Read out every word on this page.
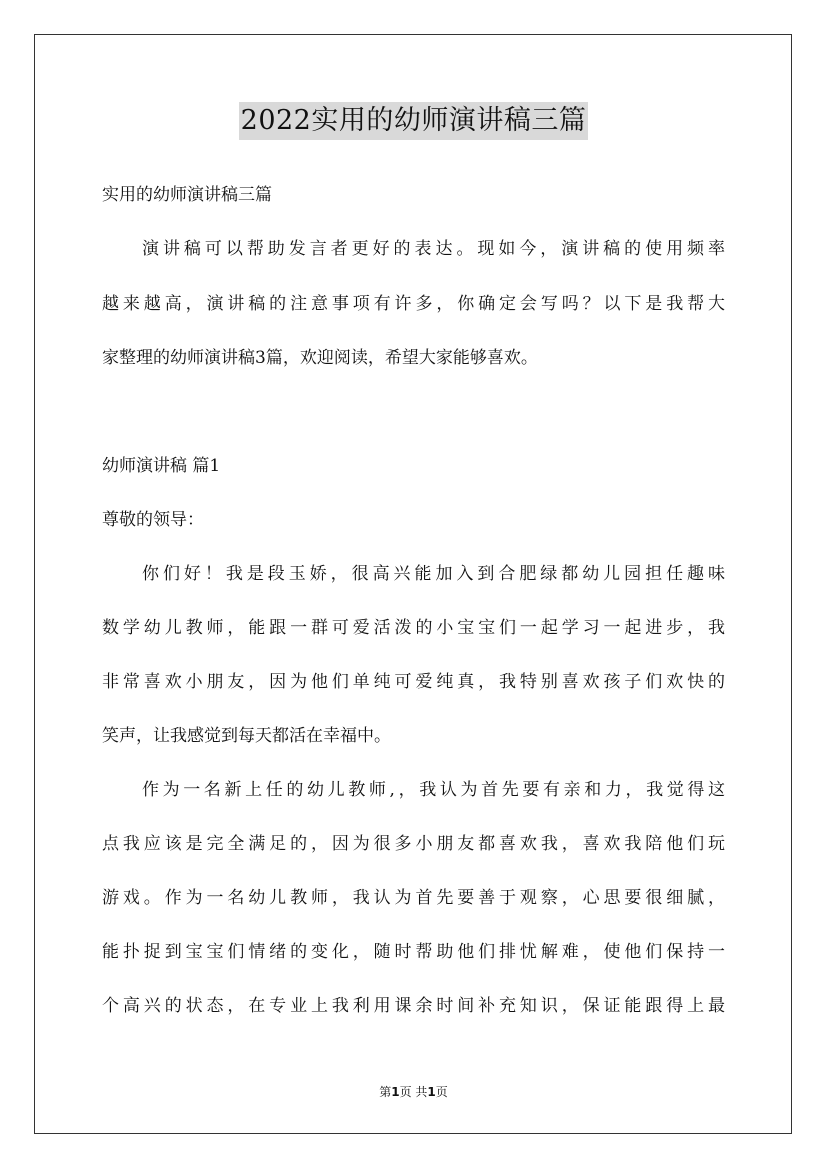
2022实用的幼师演讲稿三篇
实用的幼师演讲稿三篇
演讲稿可以帮助发言者更好的表达。现如今，演讲稿的使用频率
越来越高，演讲稿的注意事项有许多，你确定会写吗？以下是我帮大
家整理的幼师演讲稿3篇，欢迎阅读，希望大家能够喜欢。
幼师演讲稿 篇1
尊敬的领导：
你们好！我是段玉娇，很高兴能加入到合肥绿都幼儿园担任趣味
数学幼儿教师，能跟一群可爱活泼的小宝宝们一起学习一起进步，我
非常喜欢小朋友，因为他们单纯可爱纯真，我特别喜欢孩子们欢快的
笑声，让我感觉到每天都活在幸福中。
作为一名新上任的幼儿教师,，我认为首先要有亲和力，我觉得这
点我应该是完全满足的，因为很多小朋友都喜欢我，喜欢我陪他们玩
游戏。作为一名幼儿教师，我认为首先要善于观察，心思要很细腻，
能扑捉到宝宝们情绪的变化，随时帮助他们排忧解难，使他们保持一
个高兴的状态，在专业上我利用课余时间补充知识，保证能跟得上最
第1页 共1页
